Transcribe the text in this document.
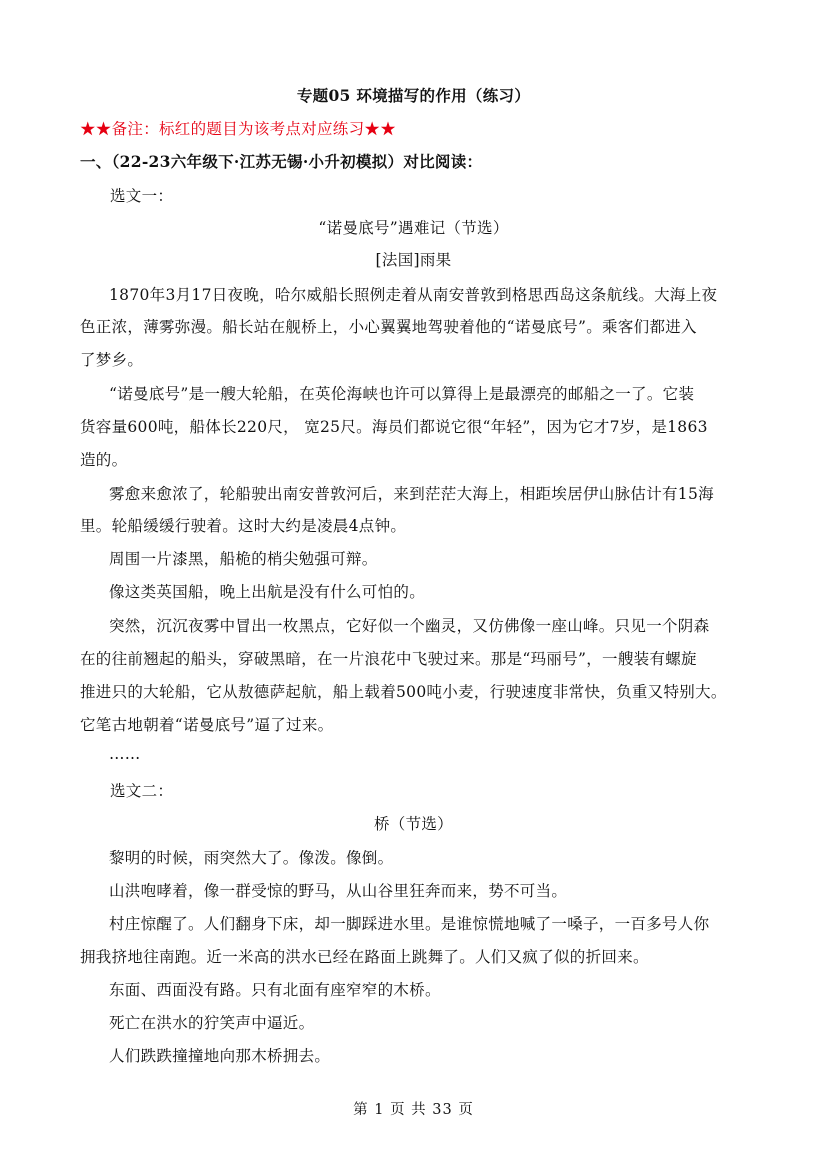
专题05 环境描写的作用（练习）
★★备注：标红的题目为该考点对应练习★★
一、（22-23六年级下·江苏无锡·小升初模拟）对比阅读：
选文一：
“诺曼底号”遇难记（节选）
[法国]雨果
1870年3月17日夜晚，哈尔威船长照例走着从南安普敦到格思西岛这条航线。大海上夜
色正浓，薄雾弥漫。船长站在舰桥上，小心翼翼地驾驶着他的“诺曼底号”。乘客们都进入
了梦乡。
“诺曼底号”是一艘大轮船，在英伦海峡也许可以算得上是最漂亮的邮船之一了。它装
货容量600吨，船体长220尺， 宽25尺。海员们都说它很“年轻”，因为它才7岁，是1863
造的。
雾愈来愈浓了，轮船驶出南安普敦河后，来到茫茫大海上，相距埃居伊山脉估计有15海
里。轮船缓缓行驶着。这时大约是凌晨4点钟。
周围一片漆黑，船桅的梢尖勉强可辩。
像这类英国船，晚上出航是没有什么可怕的。
突然，沉沉夜雾中冒出一枚黑点，它好似一个幽灵，又仿佛像一座山峰。只见一个阴森
在的往前翘起的船头，穿破黑暗，在一片浪花中飞驶过来。那是“玛丽号”，一艘装有螺旋
推进只的大轮船，它从敖德萨起航，船上载着500吨小麦，行驶速度非常快，负重又特别大。
它笔古地朝着“诺曼底号”逼了过来。
……
选文二：
桥（节选）
黎明的时候，雨突然大了。像泼。像倒。
山洪咆哮着，像一群受惊的野马，从山谷里狂奔而来，势不可当。
村庄惊醒了。人们翻身下床，却一脚踩进水里。是谁惊慌地喊了一嗓子，一百多号人你
拥我挤地往南跑。近一米高的洪水已经在路面上跳舞了。人们又疯了似的折回来。
东面、西面没有路。只有北面有座窄窄的木桥。
死亡在洪水的狞笑声中逼近。
人们跌跌撞撞地向那木桥拥去。
第 1 页 共 33 页
